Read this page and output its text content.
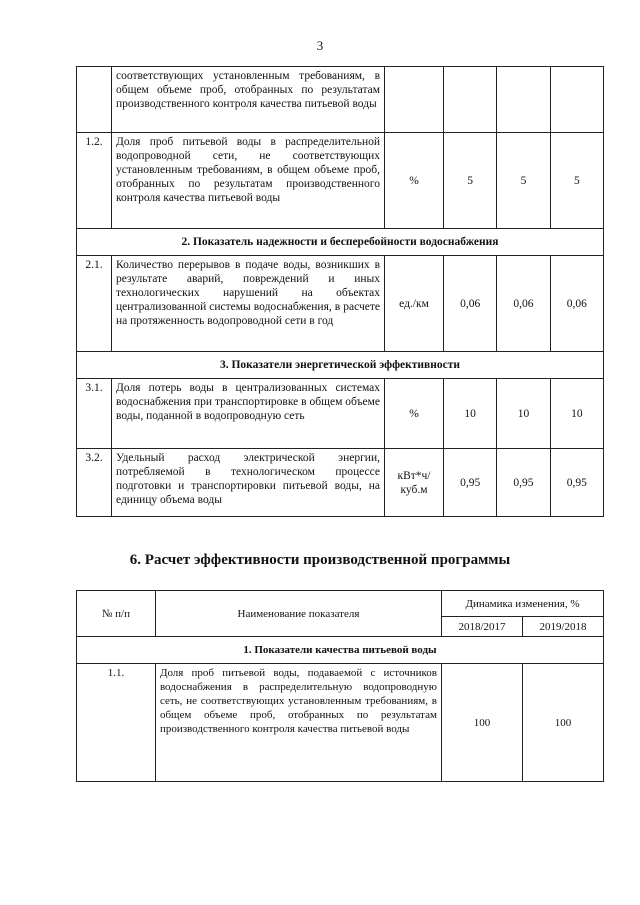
3
	соответствующих установленным требованиям, в общем объеме проб, отобранных по результатам производственного контроля качества питьевой воды				
1.2.	Доля проб питьевой воды в распределительной водопроводной сети, не соответствующих установленным требованиям, в общем объеме проб, отобранных по результатам производственного контроля качества питьевой воды	%	5	5	5
2. Показатель надежности и бесперебойности водоснабжения					
2.1.	Количество перерывов в подаче воды, возникших в результате аварий, повреждений и иных технологических нарушений на объектах централизованной системы водоснабжения, в расчете на протяженность водопроводной сети в год	ед./км	0,06	0,06	0,06
3. Показатели энергетической эффективности					
3.1.	Доля потерь воды в централизованных системах водоснабжения при транспортировке в общем объеме воды, поданной в водопроводную сеть	%	10	10	10
3.2.	Удельный расход электрической энергии, потребляемой в технологическом процессе подготовки и транспортировки питьевой воды, на единицу объема воды	кВт*ч/куб.м	0,95	0,95	0,95
6. Расчет эффективности производственной программы
№ п/п	Наименование показателя	Динамика изменения, %	
		2018/2017	2019/2018
1. Показатели качества питьевой воды			
1.1.	Доля проб питьевой воды, подаваемой с источников водоснабжения в распределительную водопроводную сеть, не соответствующих установленным требованиям, в общем объеме проб, отобранных по результатам производственного контроля качества питьевой воды	100	100
